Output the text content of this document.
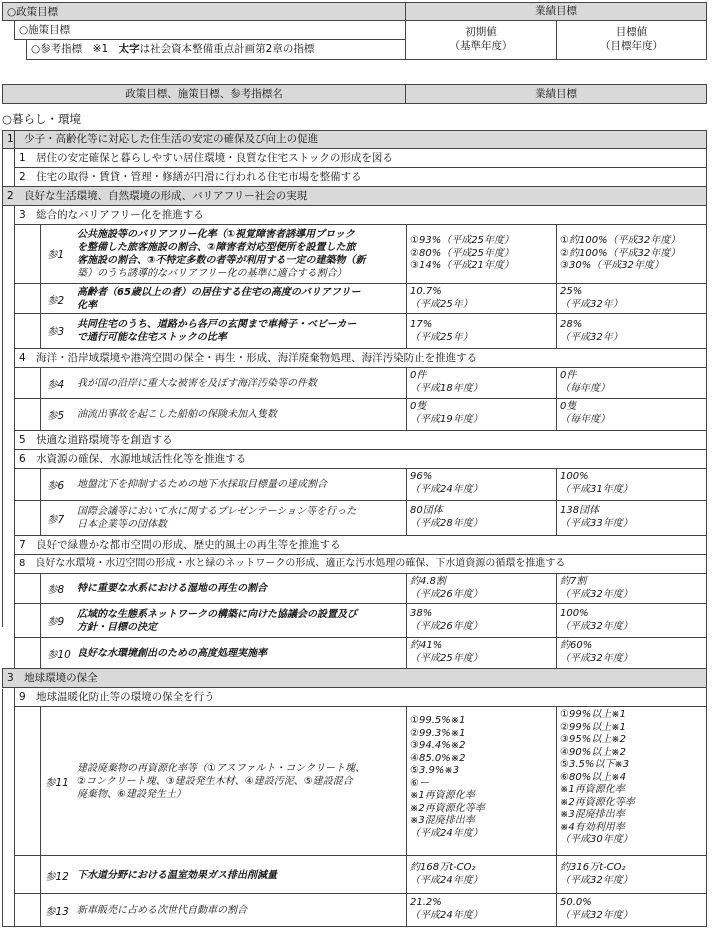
○政策目標
○施策目標
○参考指標　※1　太字は社会資本整備重点計画第2章の指標
業績目標
初期値
（基準年度）
目標値
（目標年度）
政策目標、施策目標、参考指標名	業績目標
○暮らし・環境
1　少子・高齢化等に対応した住生活の安定の確保及び向上の促進
1　居住の安定確保と暮らしやすい居住環境・良質な住宅ストックの形成を図る
2　住宅の取得・賃貸・管理・修繕が円滑に行われる住宅市場を整備する
2　良好な生活環境、自然環境の形成、バリアフリー社会の実現
3　総合的なバリアフリー化を推進する
参1
公共施設等のバリアフリー化率（①視覚障害者誘導用ブロック
を整備した旅客施設の割合、②障害者対応型便所を設置した旅
客施設の割合、③不特定多数の者等が利用する一定の建築物（新
築）のうち誘導的なバリアフリー化の基準に適合する割合）
①93%（平成25年度）
②80%（平成25年度）
③14%（平成21年度）
①約100%（平成32年度）
②約100%（平成32年度）
③30%（平成32年度）
参2
高齢者（65歳以上の者）の居住する住宅の高度のバリアフリー
化率
10.7%
（平成25年）
25%
（平成32年）
参3
共同住宅のうち、道路から各戸の玄関まで車椅子・ベビーカー
で通行可能な住宅ストックの比率
17%
（平成25年）
28%
（平成32年）
4　海洋・沿岸域環境や港湾空間の保全・再生・形成、海洋廃棄物処理、海洋汚染防止を推進する
参4 我が国の沿岸に重大な被害を及ぼす海洋汚染等の件数
0件
（平成18年度）
0件
（毎年度）
参5 油流出事故を起こした船舶の保険未加入隻数
0隻
（平成19年度）
0隻
（毎年度）
5　快適な道路環境等を創造する
6　水資源の確保、水源地域活性化等を推進する
参6 地盤沈下を抑制するための地下水採取目標量の達成割合
96%
（平成24年度）
100%
（平成31年度）
参7
国際会議等において水に関するプレゼンテーション等を行った
日本企業等の団体数
80団体
（平成28年度）
138団体
（平成33年度）
7　良好で緑豊かな都市空間の形成、歴史的風土の再生等を推進する
8　良好な水環境・水辺空間の形成・水と緑のネットワークの形成、適正な汚水処理の確保、下水道資源の循環を推進する
参8 特に重要な水系における湿地の再生の割合
約4.8割
（平成26年度）
約7割
（平成32年度）
参9
広域的な生態系ネットワークの構築に向けた協議会の設置及び
方針・目標の決定
38%
（平成26年度）
100%
（平成32年度）
参10 良好な水環境創出のための高度処理実施率
約41%
（平成25年度）
約60%
（平成32年度）
3　地球環境の保全
9　地球温暖化防止等の環境の保全を行う
参11
建設廃棄物の再資源化率等（①アスファルト・コンクリート塊、
②コンクリート塊、③建設発生木材、④建設汚泥、⑤建設混合
廃棄物、⑥建設発生土）
①99.5%※1
②99.3%※1
③94.4%※2
④85.0%※2
⑤3.9%※3
⑥ー
※1再資源化率
※2再資源化等率
※3混廃排出率
（平成24年度）
①99%以上※1
②99%以上※1
③95%以上※2
④90%以上※2
⑤3.5%以下※3
⑥80%以上※4
※1再資源化率
※2再資源化等率
※3混廃排出率
※4有効利用率
（平成30年度）
参12 下水道分野における温室効果ガス排出削減量
約168万t-CO₂
（平成24年度）
約316万t-CO₂
（平成32年度）
参13 新車販売に占める次世代自動車の割合
21.2%
（平成24年度）
50.0%
（平成32年度）
